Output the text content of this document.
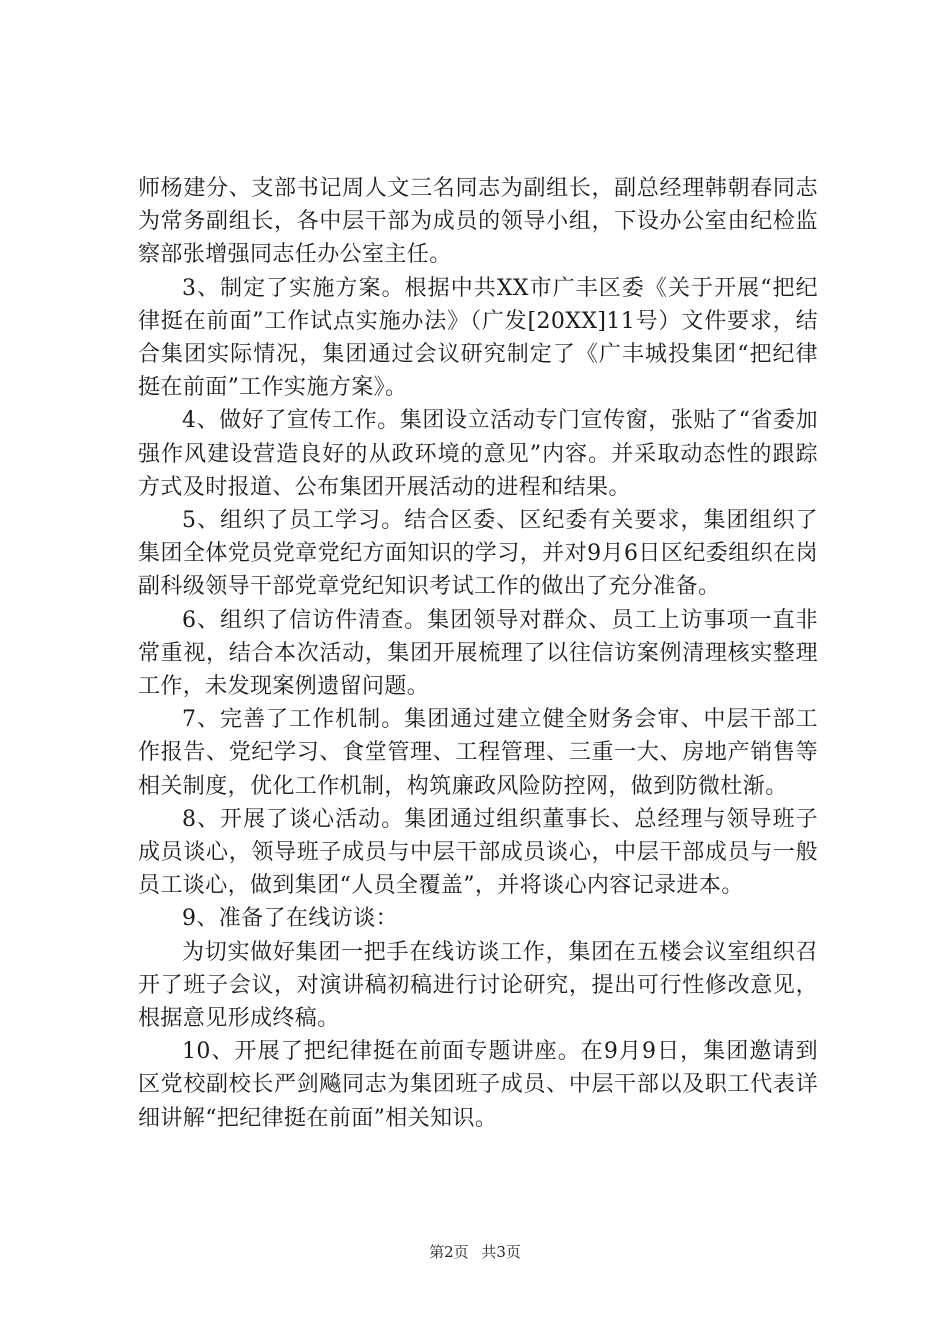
师杨建分、支部书记周人文三名同志为副组长，副总经理韩朝春同志为常务副组长，各中层干部为成员的领导小组，下设办公室由纪检监察部张增强同志任办公室主任。

3、制定了实施方案。根据中共XX市广丰区委《关于开展“把纪律挺在前面”工作试点实施办法》（广发[20XX]11号）文件要求，结合集团实际情况，集团通过会议研究制定了《广丰城投集团“把纪律挺在前面”工作实施方案》。

4、做好了宣传工作。集团设立活动专门宣传窗，张贴了“省委加强作风建设营造良好的从政环境的意见”内容。并采取动态性的跟踪方式及时报道、公布集团开展活动的进程和结果。

5、组织了员工学习。结合区委、区纪委有关要求，集团组织了集团全体党员党章党纪方面知识的学习，并对9月6日区纪委组织在岗副科级领导干部党章党纪知识考试工作的做出了充分准备。

6、组织了信访件清查。集团领导对群众、员工上访事项一直非常重视，结合本次活动，集团开展梳理了以往信访案例清理核实整理工作，未发现案例遗留问题。

7、完善了工作机制。集团通过建立健全财务会审、中层干部工作报告、党纪学习、食堂管理、工程管理、三重一大、房地产销售等相关制度，优化工作机制，构筑廉政风险防控网，做到防微杜渐。

8、开展了谈心活动。集团通过组织董事长、总经理与领导班子成员谈心，领导班子成员与中层干部成员谈心，中层干部成员与一般员工谈心，做到集团“人员全覆盖”，并将谈心内容记录进本。

9、准备了在线访谈：

为切实做好集团一把手在线访谈工作，集团在五楼会议室组织召开了班子会议，对演讲稿初稿进行讨论研究，提出可行性修改意见，根据意见形成终稿。

10、开展了把纪律挺在前面专题讲座。在9月9日，集团邀请到区党校副校长严剑飚同志为集团班子成员、中层干部以及职工代表详细讲解“把纪律挺在前面”相关知识。

第2页 共3页
